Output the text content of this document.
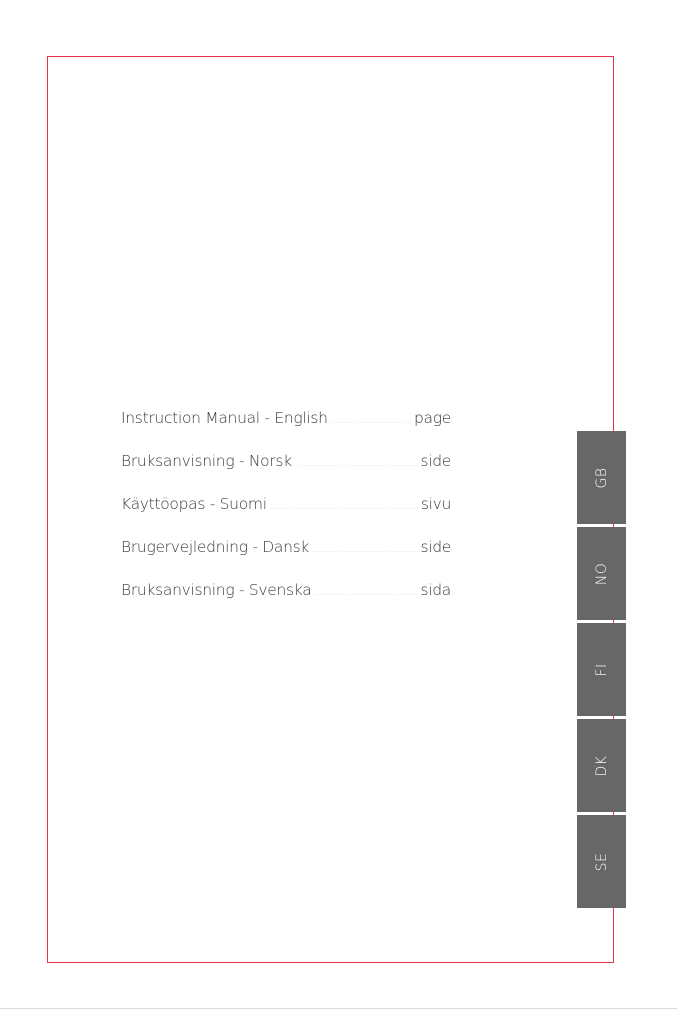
Instruction Manual - English .....	page
Bruksanvisning - Norsk .....	side
Käyttöopas - Suomi .....	sivu
Brugervejledning - Dansk .....	side
Bruksanvisning - Svenska .....	sida
GB
NO
FI
DK
SE
